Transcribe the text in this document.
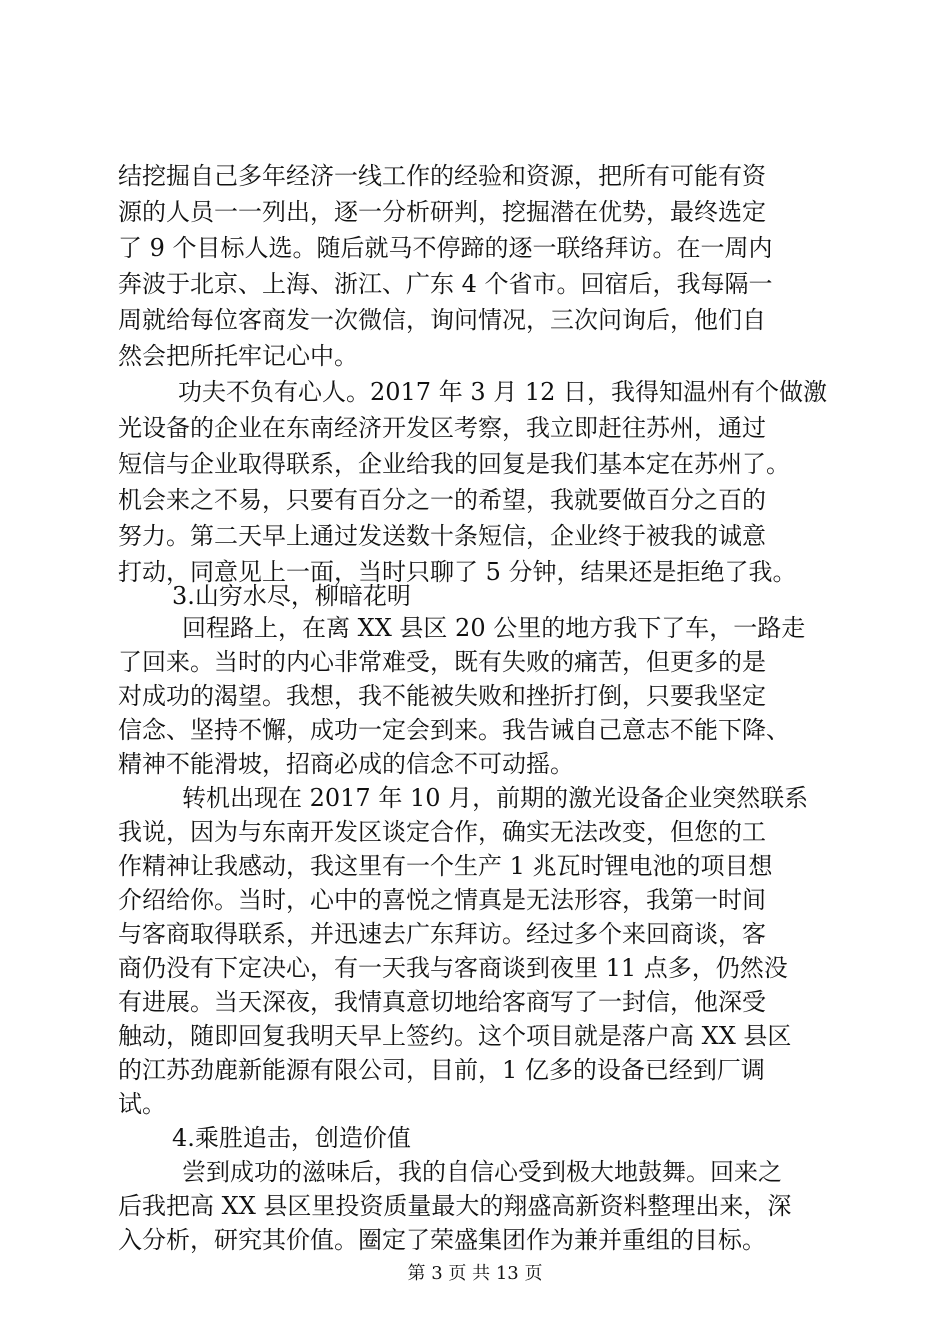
结挖掘自己多年经济一线工作的经验和资源，把所有可能有资
源的人员一一列出，逐一分析研判，挖掘潜在优势，最终选定
了 9 个目标人选。随后就马不停蹄的逐一联络拜访。在一周内
奔波于北京、上海、浙江、广东 4 个省市。回宿后，我每隔一
周就给每位客商发一次微信，询问情况，三次问询后，他们自
然会把所托牢记心中。
功夫不负有心人。2017 年 3 月 12 日，我得知温州有个做激
光设备的企业在东南经济开发区考察，我立即赶往苏州，通过
短信与企业取得联系，企业给我的回复是我们基本定在苏州了。
机会来之不易，只要有百分之一的希望，我就要做百分之百的
努力。第二天早上通过发送数十条短信，企业终于被我的诚意
打动，同意见上一面，当时只聊了 5 分钟，结果还是拒绝了我。
3.山穷水尽，柳暗花明
回程路上，在离 XX 县区 20 公里的地方我下了车，一路走
了回来。当时的内心非常难受，既有失败的痛苦，但更多的是
对成功的渴望。我想，我不能被失败和挫折打倒，只要我坚定
信念、坚持不懈，成功一定会到来。我告诫自己意志不能下降、
精神不能滑坡，招商必成的信念不可动摇。
转机出现在 2017 年 10 月，前期的激光设备企业突然联系
我说，因为与东南开发区谈定合作，确实无法改变，但您的工
作精神让我感动，我这里有一个生产 1 兆瓦时锂电池的项目想
介绍给你。当时，心中的喜悦之情真是无法形容，我第一时间
与客商取得联系，并迅速去广东拜访。经过多个来回商谈，客
商仍没有下定决心，有一天我与客商谈到夜里 11 点多，仍然没
有进展。当天深夜，我情真意切地给客商写了一封信，他深受
触动，随即回复我明天早上签约。这个项目就是落户高 XX 县区
的江苏劲鹿新能源有限公司，目前，1 亿多的设备已经到厂调
试。
第 3 页 共 13 页
4.乘胜追击，创造价值
尝到成功的滋味后，我的自信心受到极大地鼓舞。回来之
后我把高 XX 县区里投资质量最大的翔盛高新资料整理出来，深
入分析，研究其价值。圈定了荣盛集团作为兼并重组的目标。
